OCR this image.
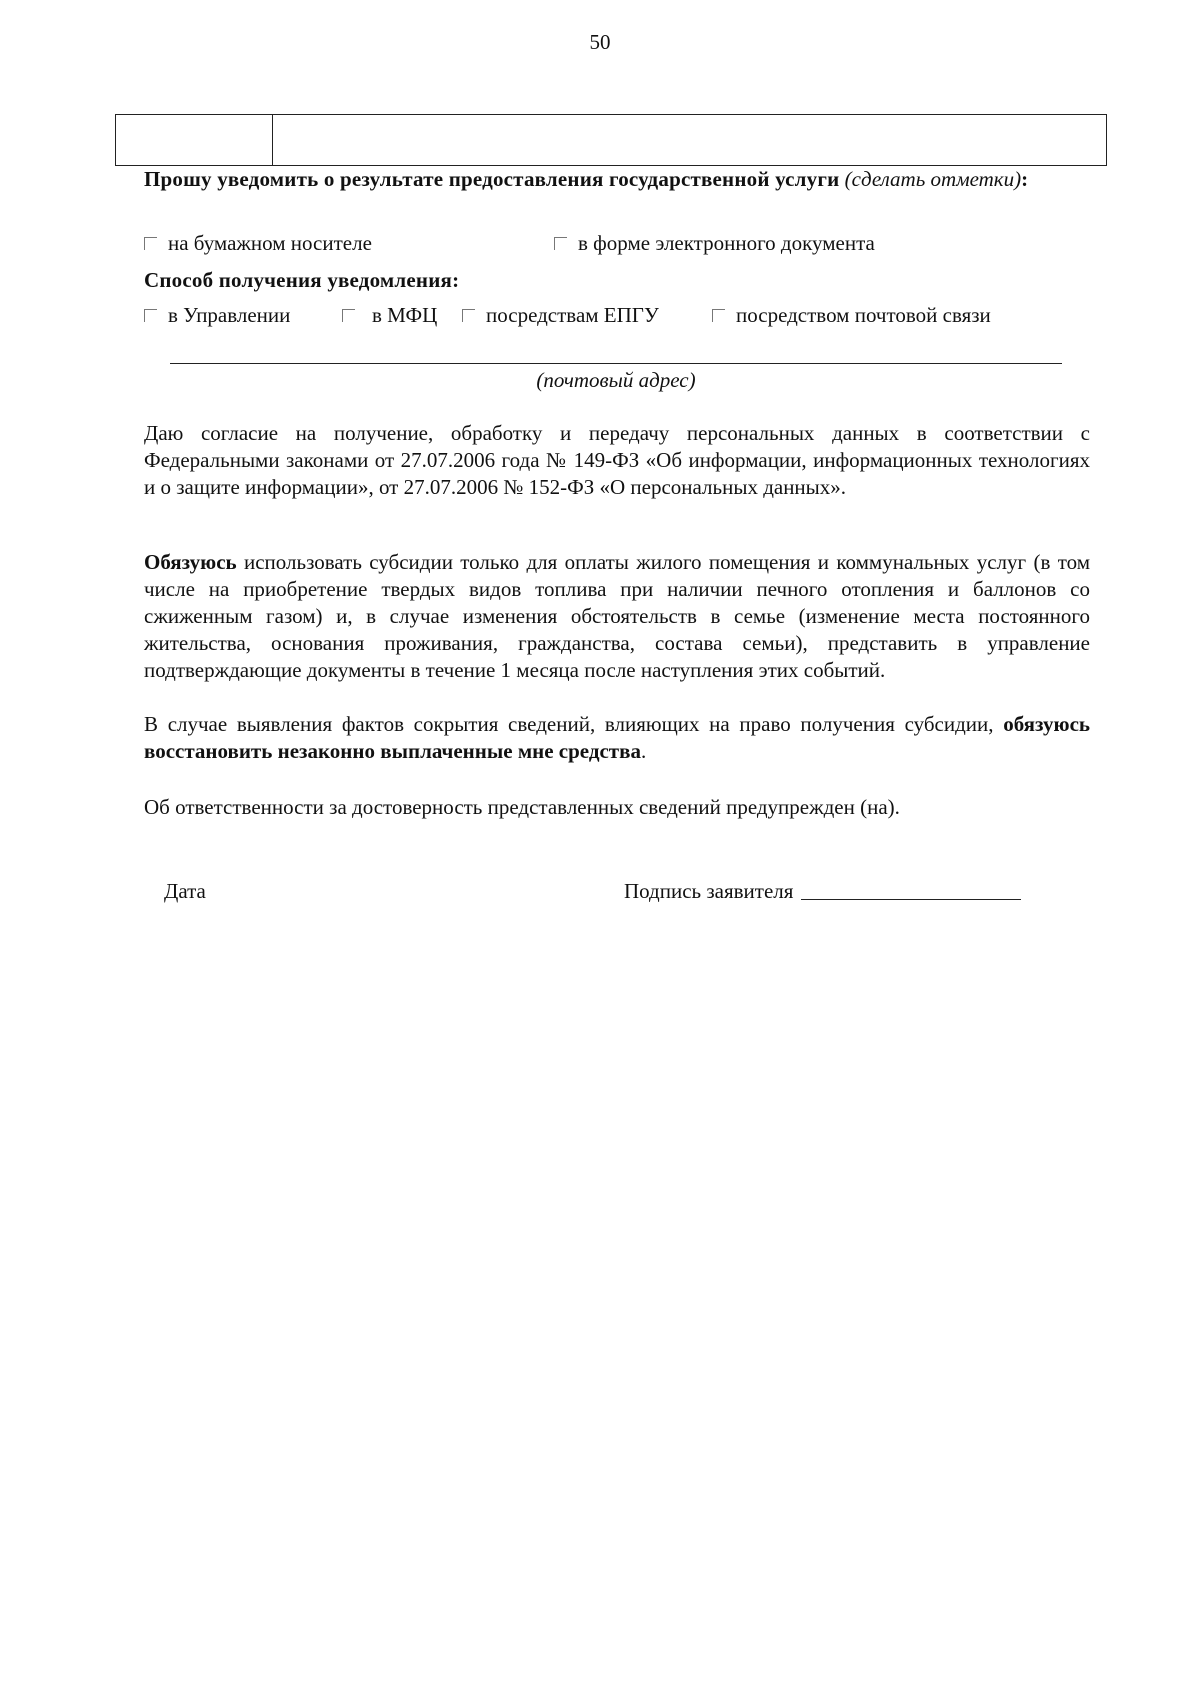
50
Прошу уведомить о результате предоставления государственной услуги (сделать отметки):
на бумажном носителе	в форме электронного документа
Способ получения уведомления:
в Управлении	в МФЦ	посредствам ЕПГУ	посредством почтовой связи
(почтовый адрес)
Даю согласие на получение, обработку и передачу персональных данных в соответствии с Федеральными законами от 27.07.2006 года № 149-ФЗ «Об информации, информационных технологиях и о защите информации», от 27.07.2006 № 152-ФЗ «О персональных данных».
Обязуюсь использовать субсидии только для оплаты жилого помещения и коммунальных услуг (в том числе на приобретение твердых видов топлива при наличии печного отопления и баллонов со сжиженным газом) и, в случае изменения обстоятельств в семье (изменение места постоянного жительства, основания проживания, гражданства, состава семьи), представить в управление подтверждающие документы в течение 1 месяца после наступления этих событий.
В случае выявления фактов сокрытия сведений, влияющих на право получения субсидии, обязуюсь восстановить незаконно выплаченные мне средства.
Об ответственности за достоверность представленных сведений предупрежден (на).
Дата	Подпись заявителя
